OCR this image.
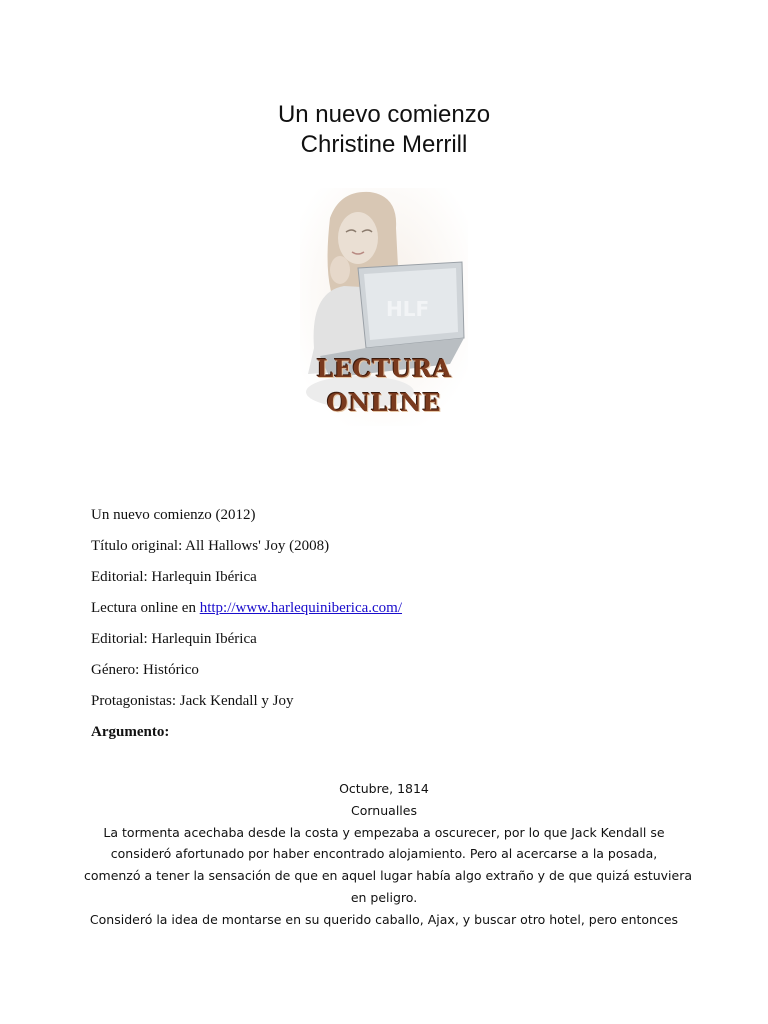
Un nuevo comienzo
Christine Merrill
HLF
LECTURA
ONLINE
Un nuevo comienzo (2012)
Título original: All Hallows' Joy (2008)
Editorial: Harlequin Ibérica
Lectura online en http://www.harlequiniberica.com/
Editorial: Harlequin Ibérica
Género: Histórico
Protagonistas: Jack Kendall y Joy
Argumento:
Octubre, 1814
Cornualles
La tormenta acechaba desde la costa y empezaba a oscurecer, por lo que Jack Kendall se
consideró afortunado por haber encontrado alojamiento. Pero al acercarse a la posada,
comenzó a tener la sensación de que en aquel lugar había algo extraño y de que quizá estuviera
en peligro.
Consideró la idea de montarse en su querido caballo, Ajax, y buscar otro hotel, pero entonces
